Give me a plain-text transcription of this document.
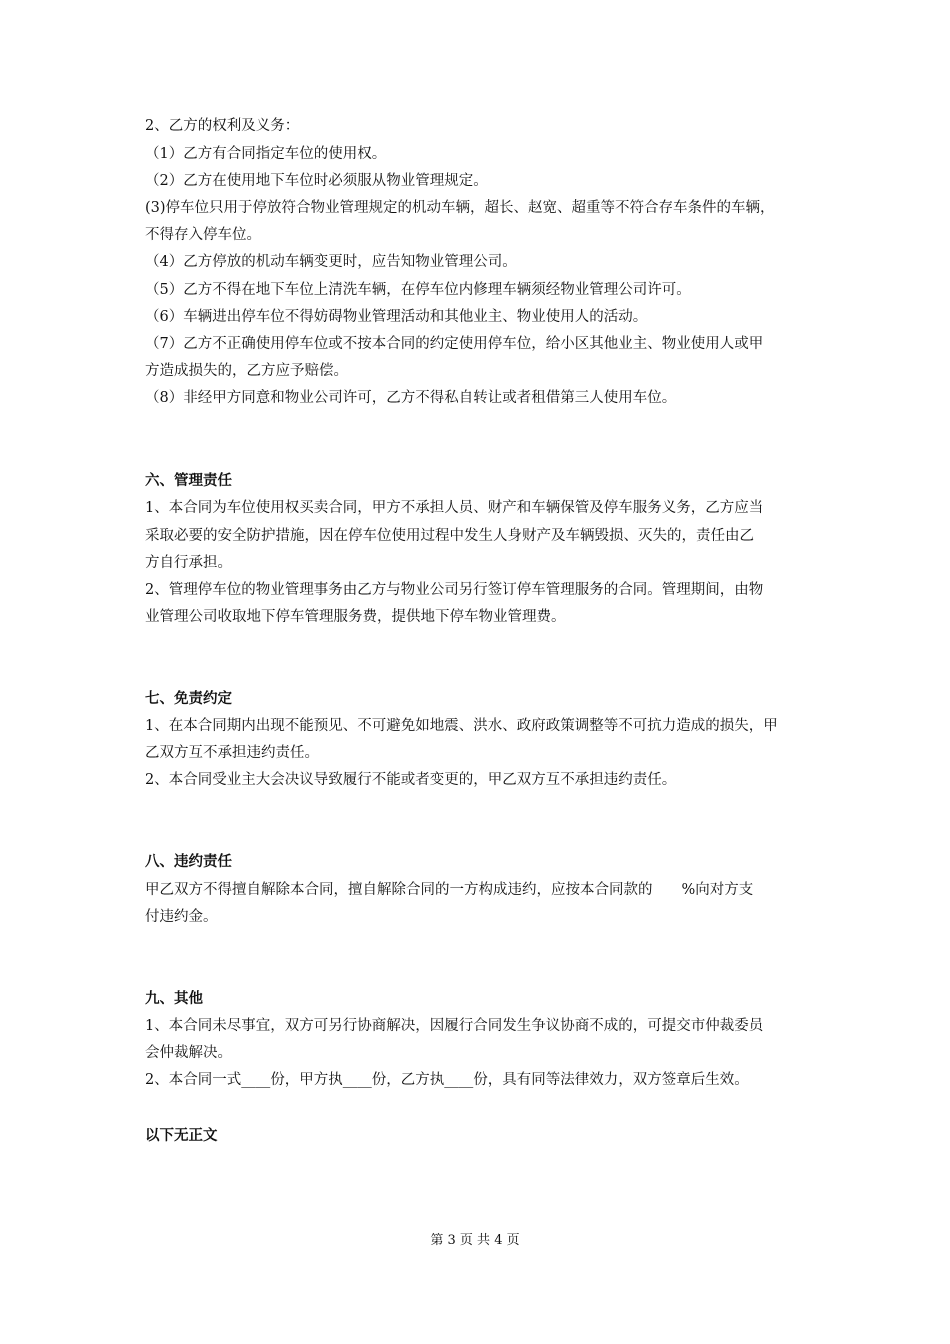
2、乙方的权利及义务：
（1）乙方有合同指定车位的使用权。
（2）乙方在使用地下车位时必须服从物业管理规定。
(3)停车位只用于停放符合物业管理规定的机动车辆，超长、赵宽、超重等不符合存车条件的车辆，
不得存入停车位。
（4）乙方停放的机动车辆变更时，应告知物业管理公司。
（5）乙方不得在地下车位上清洗车辆，在停车位内修理车辆须经物业管理公司许可。
（6）车辆进出停车位不得妨碍物业管理活动和其他业主、物业使用人的活动。
（7）乙方不正确使用停车位或不按本合同的约定使用停车位，给小区其他业主、物业使用人或甲
方造成损失的，乙方应予赔偿。
（8）非经甲方同意和物业公司许可，乙方不得私自转让或者租借第三人使用车位。
六、管理责任
1、本合同为车位使用权买卖合同，甲方不承担人员、财产和车辆保管及停车服务义务，乙方应当
采取必要的安全防护措施，因在停车位使用过程中发生人身财产及车辆毁损、灭失的，责任由乙
方自行承担。
2、管理停车位的物业管理事务由乙方与物业公司另行签订停车管理服务的合同。管理期间，由物
业管理公司收取地下停车管理服务费，提供地下停车物业管理费。
七、免责约定
1、在本合同期内出现不能预见、不可避免如地震、洪水、政府政策调整等不可抗力造成的损失，甲
乙双方互不承担违约责任。
2、本合同受业主大会决议导致履行不能或者变更的，甲乙双方互不承担违约责任。
八、违约责任
甲乙双方不得擅自解除本合同，擅自解除合同的一方构成违约，应按本合同款的　　%向对方支
付违约金。
九、其他
1、本合同未尽事宜，双方可另行协商解决，因履行合同发生争议协商不成的，可提交市仲裁委员
会仲裁解决。
2、本合同一式____份，甲方执____份，乙方执____份，具有同等法律效力，双方签章后生效。
以下无正文
第 3 页 共 4 页
